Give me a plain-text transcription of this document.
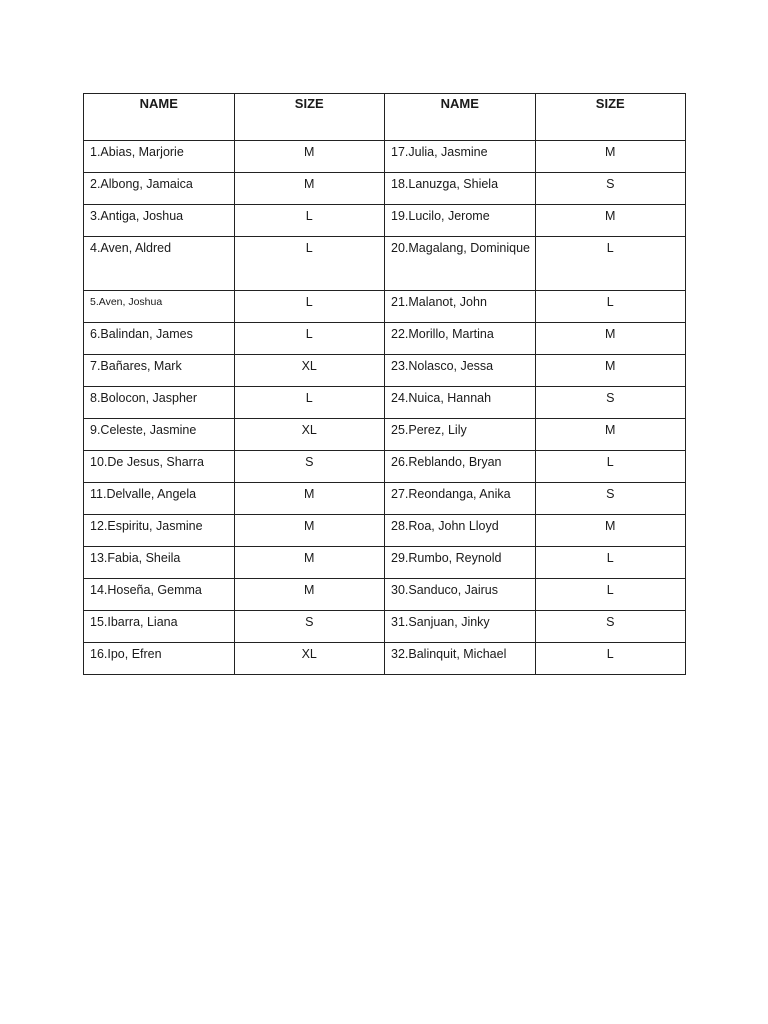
NAME	SIZE	NAME	SIZE
1.Abias, Marjorie	M	17.Julia, Jasmine	M
2.Albong, Jamaica	M	18.Lanuzga, Shiela	S
3.Antiga, Joshua	L	19.Lucilo, Jerome	M
4.Aven, Aldred	L	20.Magalang, Dominique	L
5.Aven, Joshua	L	21.Malanot, John	L
6.Balindan, James	L	22.Morillo, Martina	M
7.Bañares, Mark	XL	23.Nolasco, Jessa	M
8.Bolocon, Jaspher	L	24.Nuica, Hannah	S
9.Celeste, Jasmine	XL	25.Perez, Lily	M
10.De Jesus, Sharra	S	26.Reblando, Bryan	L
11.Delvalle, Angela	M	27.Reondanga, Anika	S
12.Espiritu, Jasmine	M	28.Roa, John Lloyd	M
13.Fabia, Sheila	M	29.Rumbo, Reynold	L
14.Hoseña, Gemma	M	30.Sanduco, Jairus	L
15.Ibarra, Liana	S	31.Sanjuan, Jinky	S
16.Ipo, Efren	XL	32.Balinquit, Michael	L
